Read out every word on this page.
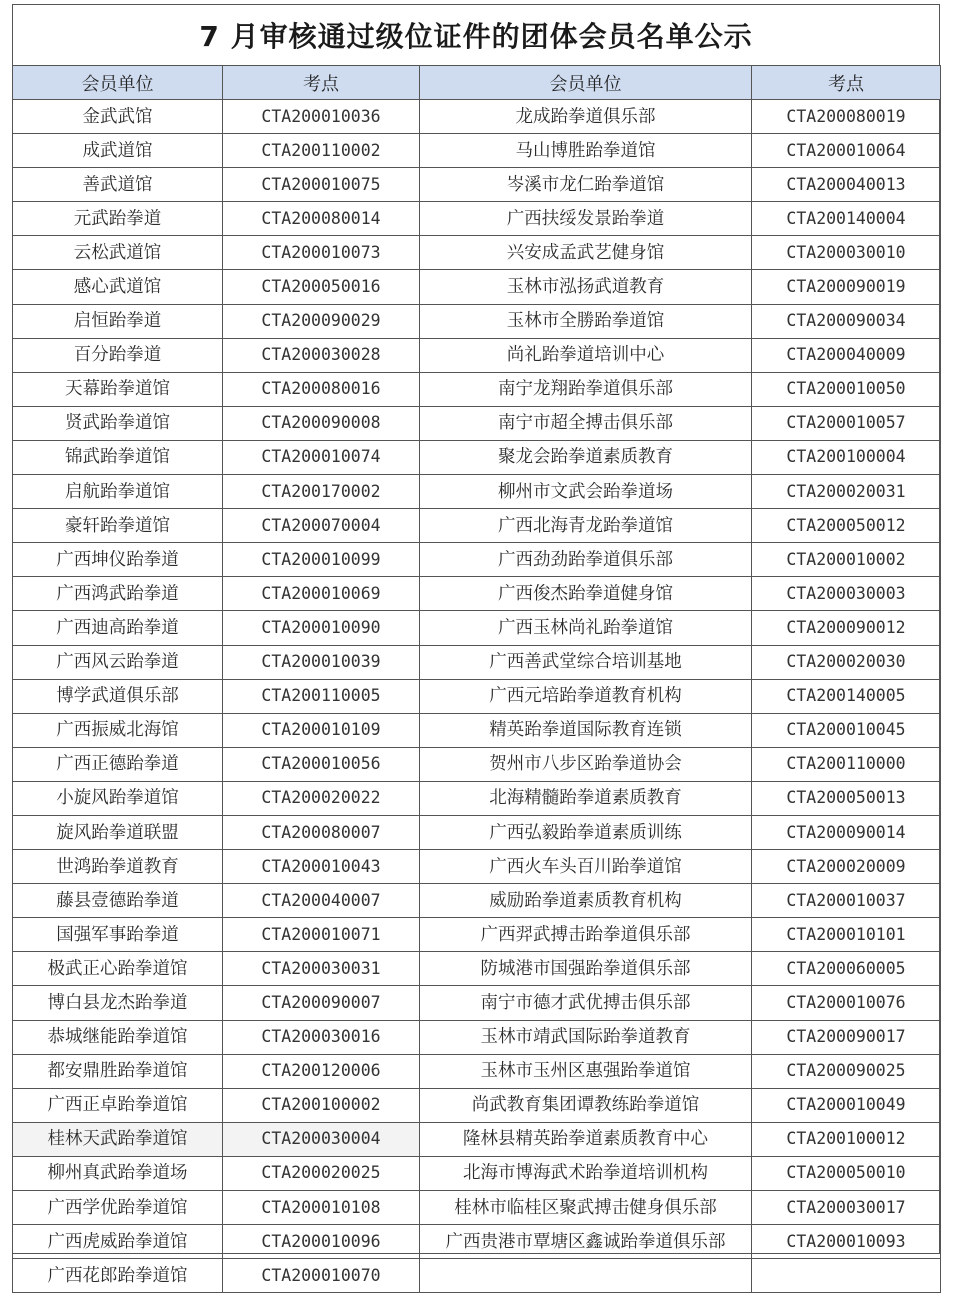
7 月审核通过级位证件的团体会员名单公示
会员单位	考点	会员单位	考点
金武武馆	CTA200010036	龙成跆拳道俱乐部	CTA200080019
成武道馆	CTA200110002	马山博胜跆拳道馆	CTA200010064
善武道馆	CTA200010075	岑溪市龙仁跆拳道馆	CTA200040013
元武跆拳道	CTA200080014	广西扶绥发景跆拳道	CTA200140004
云松武道馆	CTA200010073	兴安成孟武艺健身馆	CTA200030010
感心武道馆	CTA200050016	玉林市泓扬武道教育	CTA200090019
启恒跆拳道	CTA200090029	玉林市全勝跆拳道馆	CTA200090034
百分跆拳道	CTA200030028	尚礼跆拳道培训中心	CTA200040009
天幕跆拳道馆	CTA200080016	南宁龙翔跆拳道俱乐部	CTA200010050
贤武跆拳道馆	CTA200090008	南宁市超全搏击俱乐部	CTA200010057
锦武跆拳道馆	CTA200010074	聚龙会跆拳道素质教育	CTA200100004
启航跆拳道馆	CTA200170002	柳州市文武会跆拳道场	CTA200020031
豪轩跆拳道馆	CTA200070004	广西北海青龙跆拳道馆	CTA200050012
广西坤仪跆拳道	CTA200010099	广西劲劲跆拳道俱乐部	CTA200010002
广西鸿武跆拳道	CTA200010069	广西俊杰跆拳道健身馆	CTA200030003
广西迪高跆拳道	CTA200010090	广西玉林尚礼跆拳道馆	CTA200090012
广西风云跆拳道	CTA200010039	广西善武堂综合培训基地	CTA200020030
博学武道俱乐部	CTA200110005	广西元培跆拳道教育机构	CTA200140005
广西振威北海馆	CTA200010109	精英跆拳道国际教育连锁	CTA200010045
广西正德跆拳道	CTA200010056	贺州市八步区跆拳道协会	CTA200110000
小旋风跆拳道馆	CTA200020022	北海精髓跆拳道素质教育	CTA200050013
旋风跆拳道联盟	CTA200080007	广西弘毅跆拳道素质训练	CTA200090014
世鸿跆拳道教育	CTA200010043	广西火车头百川跆拳道馆	CTA200020009
藤县壹德跆拳道	CTA200040007	威励跆拳道素质教育机构	CTA200010037
国强军事跆拳道	CTA200010071	广西羿武搏击跆拳道俱乐部	CTA200010101
极武正心跆拳道馆	CTA200030031	防城港市国强跆拳道俱乐部	CTA200060005
博白县龙杰跆拳道	CTA200090007	南宁市德才武优搏击俱乐部	CTA200010076
恭城继能跆拳道馆	CTA200030016	玉林市靖武国际跆拳道教育	CTA200090017
都安鼎胜跆拳道馆	CTA200120006	玉林市玉州区惠强跆拳道馆	CTA200090025
广西正卓跆拳道馆	CTA200100002	尚武教育集团谭教练跆拳道馆	CTA200010049
桂林天武跆拳道馆	CTA200030004	隆林县精英跆拳道素质教育中心	CTA200100012
柳州真武跆拳道场	CTA200020025	北海市博海武术跆拳道培训机构	CTA200050010
广西学优跆拳道馆	CTA200010108	桂林市临桂区聚武搏击健身俱乐部	CTA200030017
广西虎威跆拳道馆	CTA200010096	广西贵港市覃塘区鑫诚跆拳道俱乐部	CTA200010093
广西花郎跆拳道馆	CTA200010070		
